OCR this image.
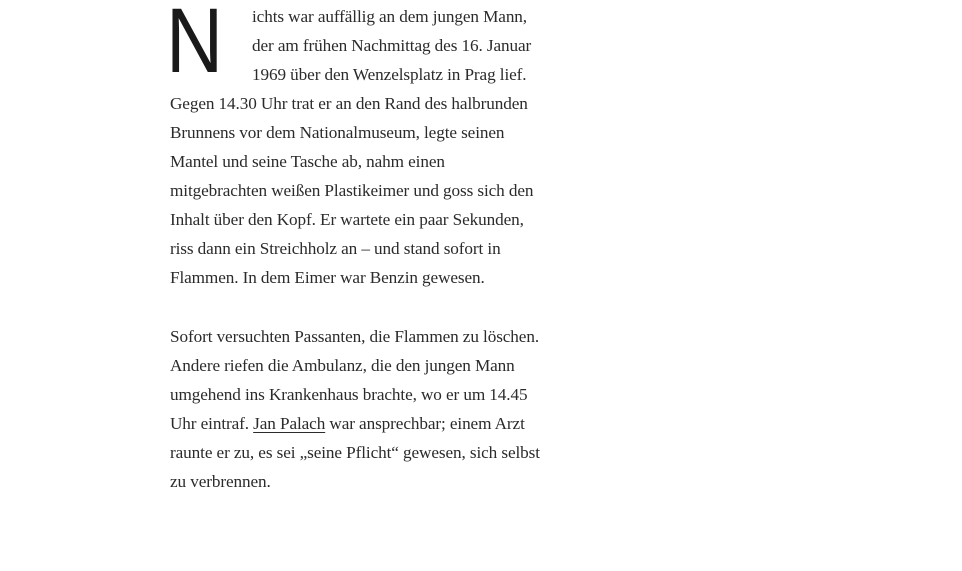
N ichts war auffällig an dem jungen Mann, der am frühen Nachmittag des 16. Januar 1969 über den Wenzelsplatz in Prag lief. Gegen 14.30 Uhr trat er an den Rand des halbrunden Brunnens vor dem Nationalmuseum, legte seinen Mantel und seine Tasche ab, nahm einen mitgebrachten weißen Plastikeimer und goss sich den Inhalt über den Kopf. Er wartete ein paar Sekunden, riss dann ein Streichholz an – und stand sofort in Flammen. In dem Eimer war Benzin gewesen.

Sofort versuchten Passanten, die Flammen zu löschen. Andere riefen die Ambulanz, die den jungen Mann umgehend ins Krankenhaus brachte, wo er um 14.45 Uhr eintraf. Jan Palach war ansprechbar; einem Arzt raunte er zu, es sei „seine Pflicht“ gewesen, sich selbst zu verbrennen.
